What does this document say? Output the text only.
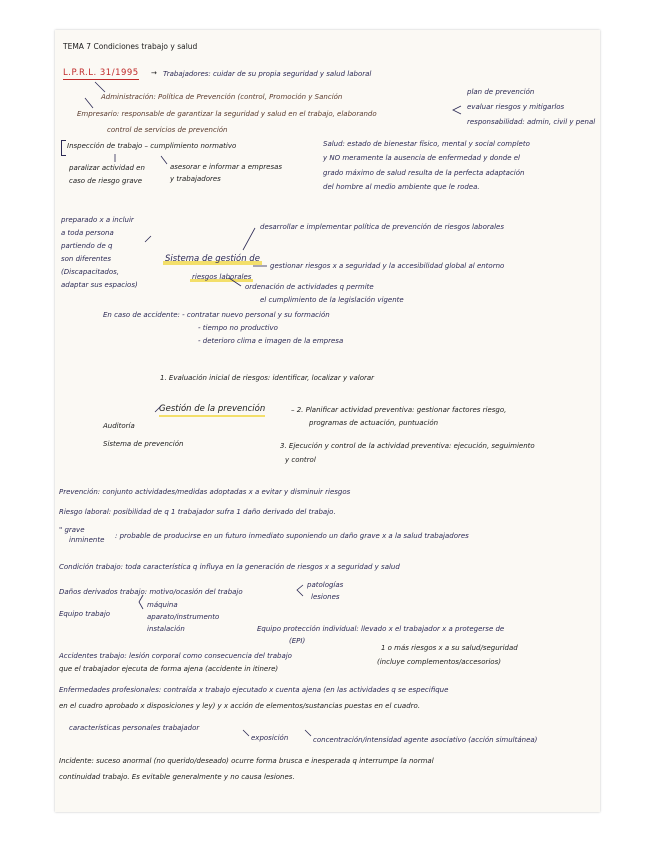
TEMA 7 Condiciones trabajo y salud
L.P.R.L. 31/1995 → Trabajadores: cuidar de su propia seguridad y salud laboral
Administración: Política de Prevención (control, Promoción y Sanción
Empresario: responsable de garantizar la seguridad y salud en el trabajo, elaborando
plan de prevención
evaluar riesgos y mitigarlos
responsabilidad: admin, civil y penal
control de servicios de prevención
Inspección de trabajo – cumplimiento normativo
paralizar actividad en
caso de riesgo grave
asesorar e informar a empresas
y trabajadores
Salud: estado de bienestar físico, mental y social completo
y NO meramente la ausencia de enfermedad y donde el
grado máximo de salud resulta de la perfecta adaptación
del hombre al medio ambiente que le rodea.
preparado x a incluir
a toda persona
partiendo de q
son diferentes
(Discapacitados,
adaptar sus espacios)
desarrollar e implementar política de prevención de riesgos laborales
Sistema de gestión de
riesgos laborales
gestionar riesgos x a seguridad y la accesibilidad global al entorno
ordenación de actividades q permite
el cumplimiento de la legislación vigente
En caso de accidente: - contratar nuevo personal y su formación
- tiempo no productivo
- deterioro clima e imagen de la empresa
1. Evaluación inicial de riesgos: identificar, localizar y valorar
Gestión de la prevención	– 2. Planificar actividad preventiva: gestionar factores riesgo,
programas de actuación, puntuación
Auditoría
Sistema de prevención	3. Ejecución y control de la actividad preventiva: ejecución, seguimiento
y control
Prevención: conjunto actividades/medidas adoptadas x a evitar y disminuir riesgos
Riesgo laboral: posibilidad de q 1 trabajador sufra 1 daño derivado del trabajo.
" grave
inminente : probable de producirse en un futuro inmediato suponiendo un daño grave x a la salud trabajadores
Condición trabajo: toda característica q influya en la generación de riesgos x a seguridad y salud
Daños derivados trabajo: motivo/ocasión del trabajo
patologías
lesiones
Equipo trabajo
máquina
aparato/instrumento
instalación	Equipo protección individual: llevado x el trabajador x a protegerse de
(EPI)
1 o más riesgos x a su salud/seguridad
(incluye complementos/accesorios)
Accidentes trabajo: lesión corporal como consecuencia del trabajo
que el trabajador ejecuta de forma ajena (accidente in itinere)
Enfermedades profesionales: contraída x trabajo ejecutado x cuenta ajena (en las actividades q se especifique
en el cuadro aprobado x disposiciones y ley) y x acción de elementos/sustancias puestas en el cuadro.
características personales trabajador
exposición	concentración/intensidad agente asociativo (acción simultánea)
Incidente: suceso anormal (no querido/deseado) ocurre forma brusca e inesperada q interrumpe la normal
continuidad trabajo. Es evitable generalmente y no causa lesiones.
